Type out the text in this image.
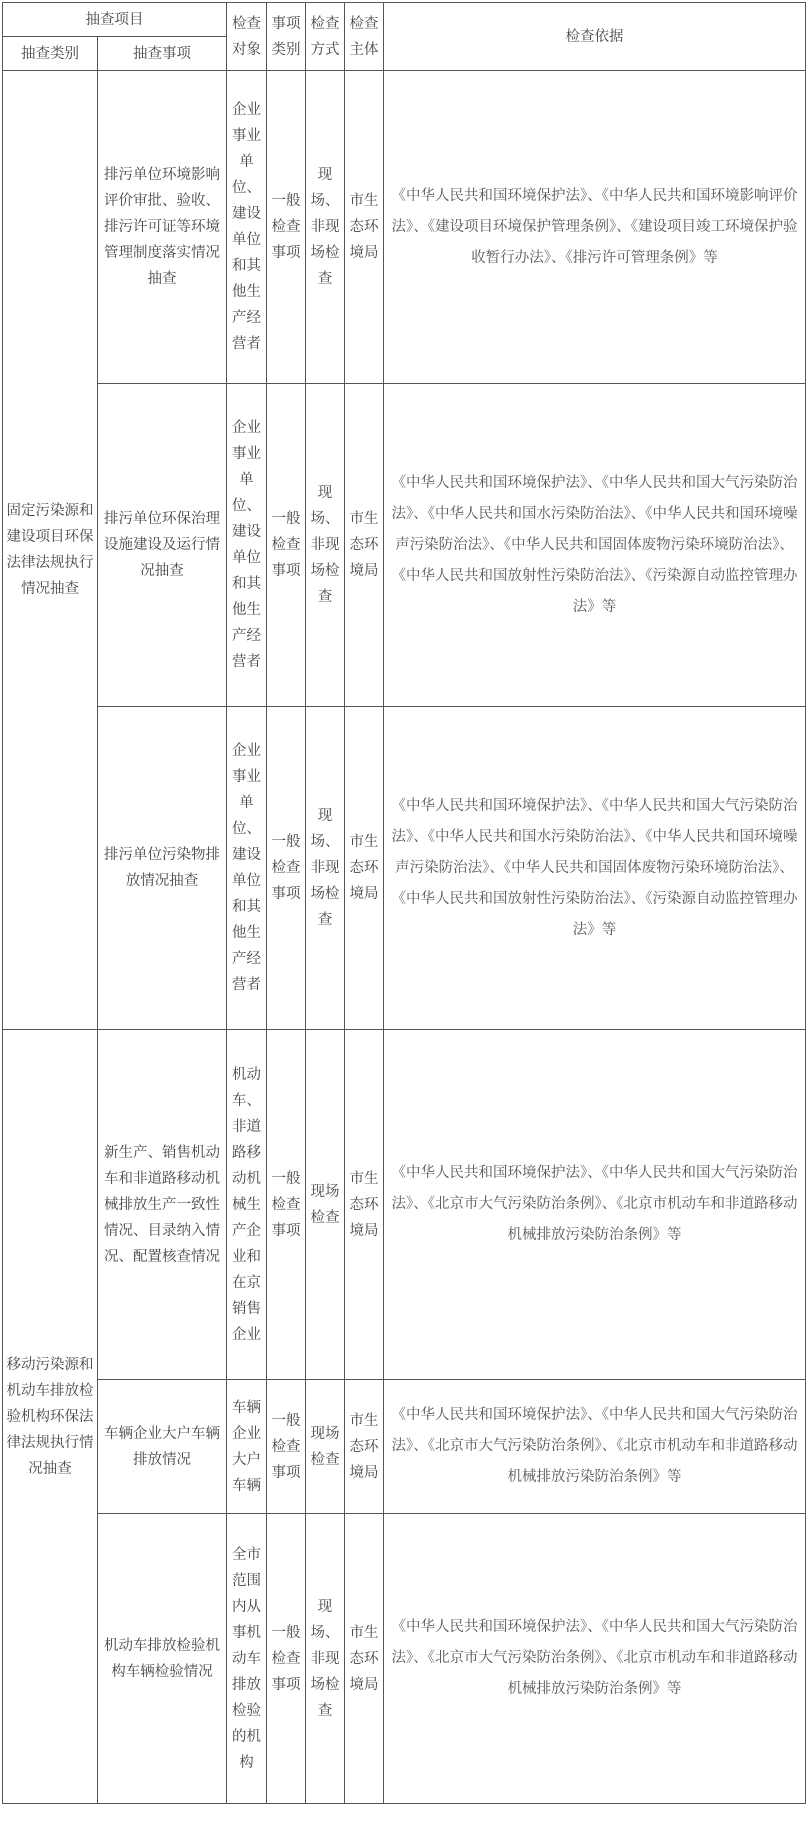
抽查项目		检查对象	事项类别	检查方式	检查主体	检查依据
抽查类别	抽查事项					
固定污染源和建设项目环保法律法规执行情况抽查	排污单位环境影响评价审批、验收、排污许可证等环境管理制度落实情况抽查	企业事业单位、建设单位和其他生产经营者	一般检查事项	现场、非现场检查	市生态环境局	《中华人民共和国环境保护法》、《中华人民共和国环境影响评价法》、《建设项目环境保护管理条例》、《建设项目竣工环境保护验收暂行办法》、《排污许可管理条例》等
	排污单位环保治理设施建设及运行情况抽查	企业事业单位、建设单位和其他生产经营者	一般检查事项	现场、非现场检查	市生态环境局	《中华人民共和国环境保护法》、《中华人民共和国大气污染防治法》、《中华人民共和国水污染防治法》、《中华人民共和国环境噪声污染防治法》、《中华人民共和国固体废物污染环境防治法》、《中华人民共和国放射性污染防治法》、《污染源自动监控管理办法》等
	排污单位污染物排放情况抽查	企业事业单位、建设单位和其他生产经营者	一般检查事项	现场、非现场检查	市生态环境局	《中华人民共和国环境保护法》、《中华人民共和国大气污染防治法》、《中华人民共和国水污染防治法》、《中华人民共和国环境噪声污染防治法》、《中华人民共和国固体废物污染环境防治法》、《中华人民共和国放射性污染防治法》、《污染源自动监控管理办法》等
移动污染源和机动车排放检验机构环保法律法规执行情况抽查	新生产、销售机动车和非道路移动机械排放生产一致性情况、目录纳入情况、配置核查情况	机动车、非道路移动机械生产企业和在京销售企业	一般检查事项	现场检查	市生态环境局	《中华人民共和国环境保护法》、《中华人民共和国大气污染防治法》、《北京市大气污染防治条例》、《北京市机动车和非道路移动机械排放污染防治条例》等
	车辆企业大户车辆排放情况	车辆企业大户车辆	一般检查事项	现场检查	市生态环境局	《中华人民共和国环境保护法》、《中华人民共和国大气污染防治法》、《北京市大气污染防治条例》、《北京市机动车和非道路移动机械排放污染防治条例》等
	机动车排放检验机构车辆检验情况	全市范围内从事机动车排放检验的机构	一般检查事项	现场、非现场检查	市生态环境局	《中华人民共和国环境保护法》、《中华人民共和国大气污染防治法》、《北京市大气污染防治条例》、《北京市机动车和非道路移动机械排放污染防治条例》等
